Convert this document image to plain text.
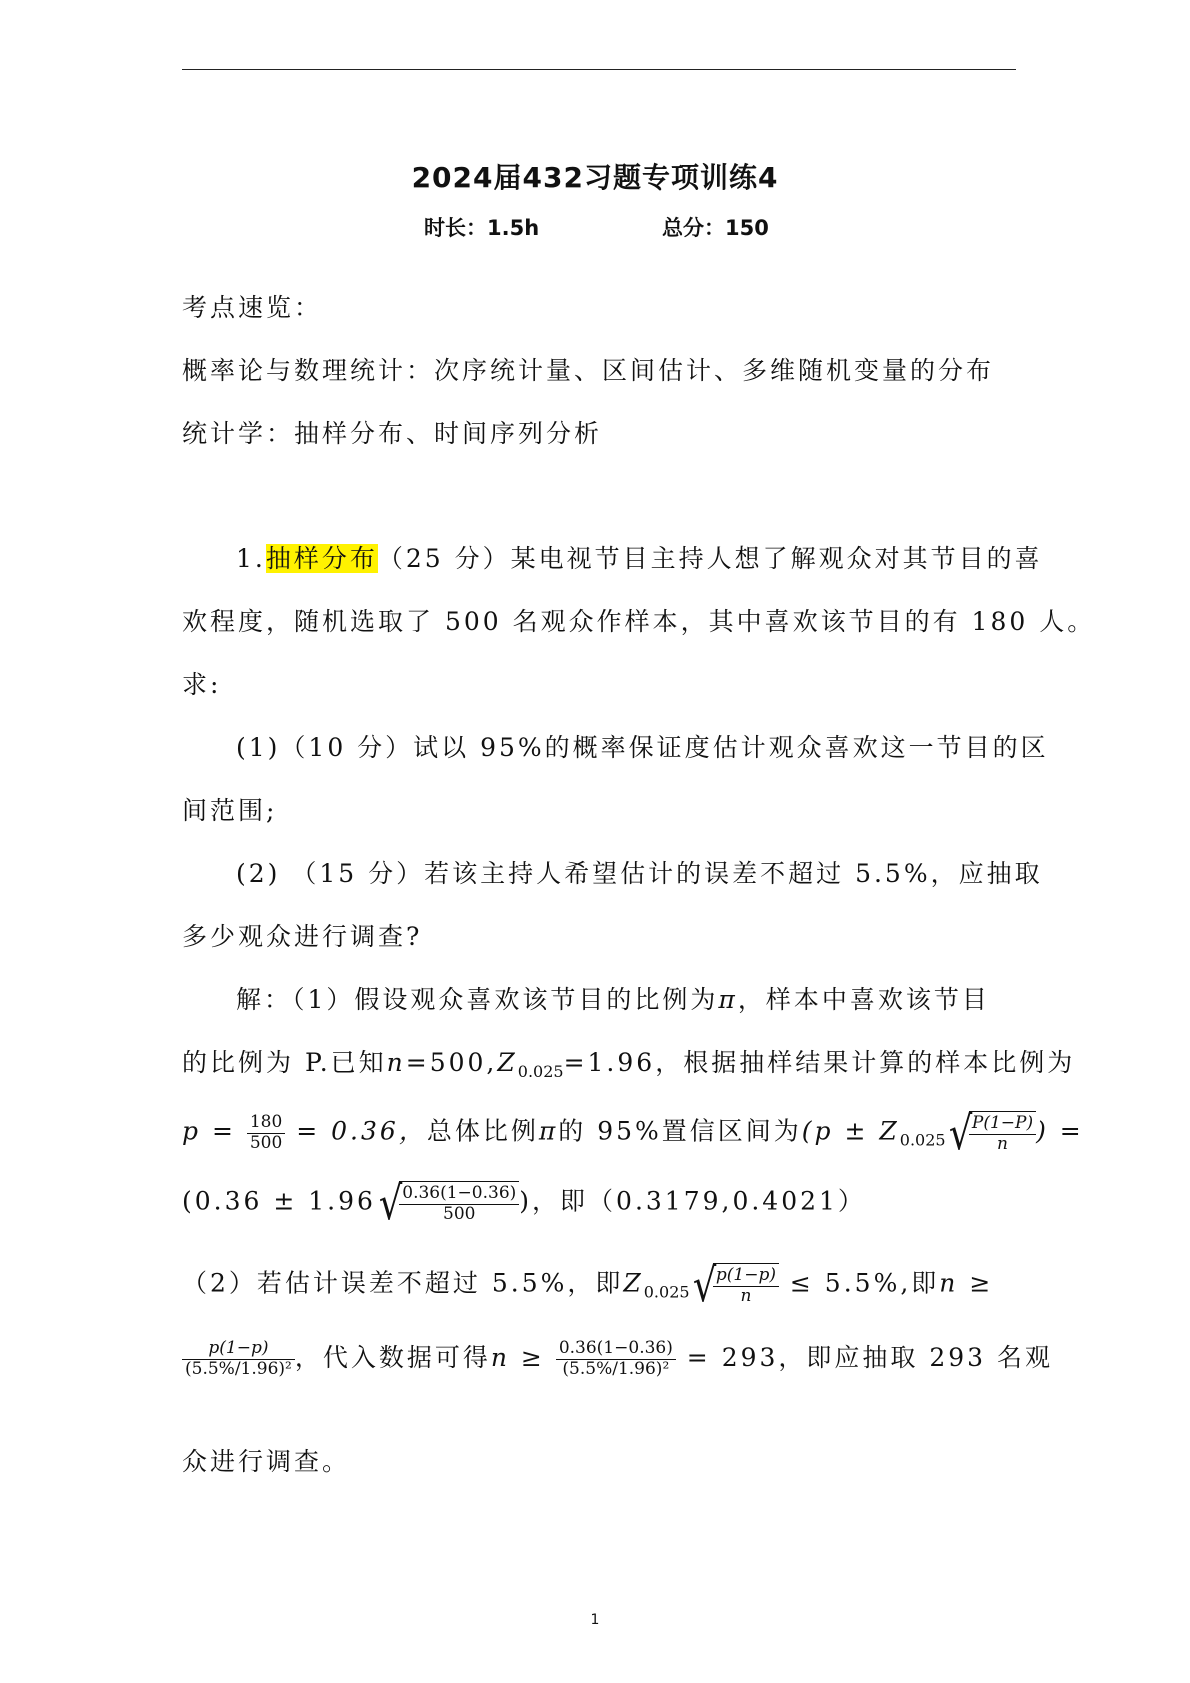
2024届432习题专项训练4
时长：1.5h	总分：150
考点速览：
概率论与数理统计：次序统计量、区间估计、多维随机变量的分布
统计学：抽样分布、时间序列分析
1.抽样分布（25 分）某电视节目主持人想了解观众对其节目的喜
欢程度，随机选取了 500 名观众作样本，其中喜欢该节目的有 180 人。
求:
(1)（10 分）试以 95%的概率保证度估计观众喜欢这一节目的区
间范围;
(2) （15 分）若该主持人希望估计的误差不超过 5.5%，应抽取
多少观众进行调查?
解：（1）假设观众喜欢该节目的比例为π，样本中喜欢该节目
的比例为 P.已知$n=500,Z_{0.025}=1.96$，根据抽样结果计算的样本比例为
$p = \frac{180}{500} = 0.36$，总体比例π的 95%置信区间为($p \pm Z_{0.025}√$
$\frac{P(1-P)}{n}$ ) =
(0.36 ± 1.96√
$\frac{0.36(1-0.36)}{500}$ )，即（0.3179,0.4021）
（2）若估计误差不超过 5.5%，即$Z_{0.025}√$
$\frac{p(1-p)}{n} \le 5.5\%$,即n ≥
$\frac{p(1-p)}{\text{(5.5\%/1.96)²}}$ ，代入数据可得$n \ge \frac{0.36(1-0.36)}{\text{(5.5\%/1.96)²}} = 293$，即应抽取 293 名观
众进行调查。
1
